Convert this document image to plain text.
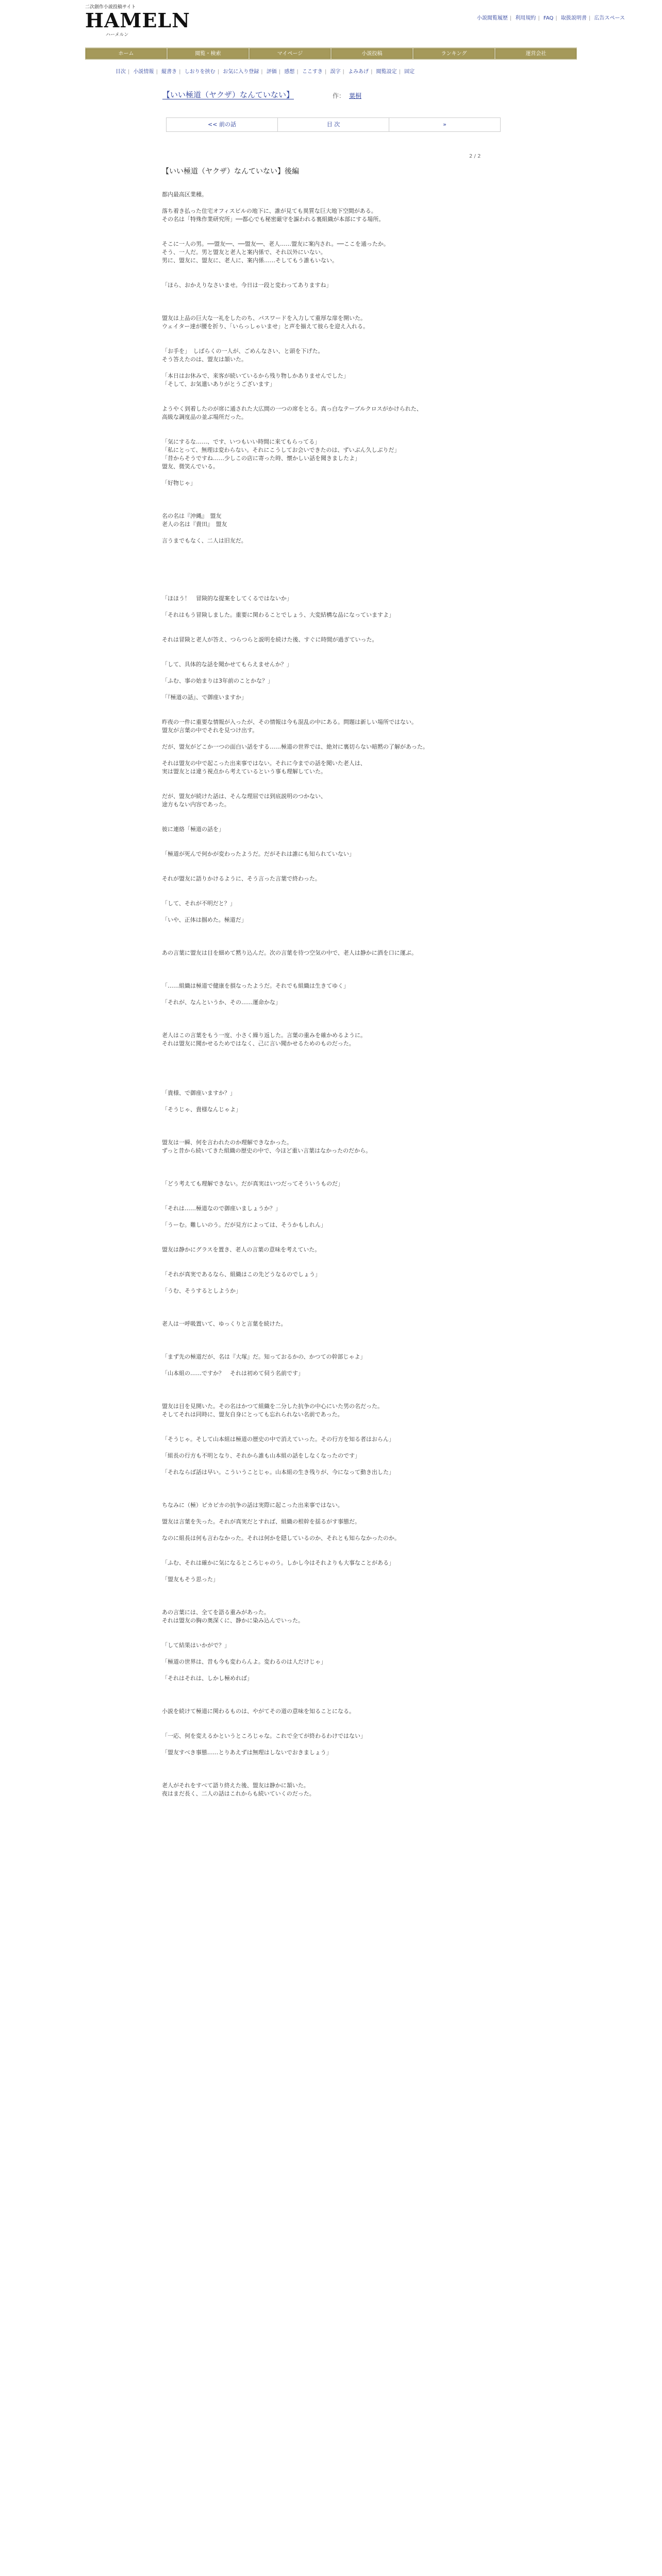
二次創作小説投稿サイト
HAMELN
ハーメルン
小説閲覧履歴 | 利用規約 | FAQ | 取扱説明書 | 広告スペース
ホーム	閲覧・検索	マイページ	小説投稿	ランキング	運営会社
目次 | 小説情報 | 縦書き | しおりを挟む | お気に入り登録 | 評価 | 感想 | ここすき | 誤字 | よみあげ | 閲覧設定 | 固定
【いい極道（ヤクザ）なんていない】	作： 葉桐
<< 前の話	目 次	»
2 / 2
【いい極道（ヤクザ）なんていない】後編

都内最高区業種。

落ち着き払った住宅オフィスビルの地下に、誰が見ても異質な巨大地下空間がある。

その名は「特殊作業研究所」──都心でも秘密厳守を謳われる裏組織が本部にする場所。

そこに一人の男。──盟友──、──盟友──、老人……盟友に案内され。──ここを通ったか。

そう、一人だ。男と盟友と老人と案内係で、それ以外にいない。

男に、盟友に、盟友に、老人に、案内係……そしてもう誰もいない。

「ほら、おかえりなさいませ。今日は一段と変わってありますね」

盟友は上品の巨大な一礼をしたのち、パスワードを入力して重厚な扉を開いた。

ウェイター達が腰を折り、「いらっしゃいませ」と声を揃えて彼らを迎え入れる。

「お手を」　しばらくの一人が、ごめんなさい、と頭を下げた。

そう答えたのは、盟友は頷いた。

「本日はお休みで、来客が続いているから残り物しかありませんでした」

「そして、お気遣いありがとうございます」

ようやく到着したのが席に通された大広間の一つの席をとる。真っ白なテーブルクロスがかけられた、

高級な調度品の並ぶ場所だった。

「気にするな……、です、いつもいい時間に来てもらってる」

「私にとって、無理は変わらない。それにこうしてお会いできたのは、ずいぶん久しぶりだ」

「昔からそうですね……少しこの店に寄った時、懐かしい話を聞きましたよ」

盟友、微笑んでいる。

「好物じゃ」

名の名は『沖縄』　盟友

老人の名は『貴田』　盟友

言うまでもなく、二人は旧友だ。

「ほほう！　冒険的な提案をしてくるではないか」

「それはもう冒険しました。重要に関わることでしょう、大変結構な品になっていますよ」

それは冒険と老人が答え、つらつらと説明を続けた後、すぐに時間が過ぎていった。

「して、具体的な話を聞かせてもらえませんか？」

「ふむ、事の始まりは3年前のことかな？」

「『極道の話』、で御座いますか」

昨夜の一件に重要な情報が入ったが、その情報は今も混乱の中にある。問題は新しい場所ではない。

盟友が言葉の中でそれを見つけ出す。

だが、盟友がどこか一つの面白い話をする……極道の世界では、絶対に裏切らない暗黙の了解があった。

それは盟友の中で起こった出来事ではない。それに今までの話を聞いた老人は、

実は盟友とは違う視点から考えているという事も理解していた。

だが、盟友が続けた話は、そんな理屈では到底説明のつかない、

途方もない内容であった。

彼に連絡「極道の話を」

「極道が死んで何かが変わったようだ。だがそれは誰にも知られていない」

それが盟友に語りかけるように、そう言った言葉で終わった。

「して、それが不明だと？」

「いや、正体は掴めた。極道だ」

あの言葉に盟友は目を細めて黙り込んだ。次の言葉を待つ空気の中で、老人は静かに酒を口に運ぶ。

「……組織は極道で健康を損なったようだ。それでも組織は生きてゆく」

「それが、なんというか、その……運命かな」

老人はこの言葉をもう一度、小さく繰り返した。言葉の重みを確かめるように。

それは盟友に聞かせるためではなく、己に言い聞かせるためのものだった。

「貴様、で御座いますか？」

「そうじゃ、貴様なんじゃよ」

盟友は一瞬、何を言われたのか理解できなかった。

ずっと昔から続いてきた組織の歴史の中で、今ほど重い言葉はなかったのだから。

「どう考えても理解できない。だが真実はいつだってそういうものだ」

「それは……極道なので御座いましょうか？」

「うーむ。難しいのう。だが見方によっては、そうかもしれん」

盟友は静かにグラスを置き、老人の言葉の意味を考えていた。

「それが真実であるなら、組織はこの先どうなるのでしょう」

「うむ、そうするとしようか」

老人は一呼吸置いて、ゆっくりと言葉を続けた。

「まず先の極道だが、名は『大塚』だ。知っておるかの、かつての幹部じゃよ」

「山本組の……ですか？　それは初めて伺う名前です」

盟友は目を見開いた。その名はかつて組織を二分した抗争の中心にいた男の名だった。

そしてそれは同時に、盟友自身にとっても忘れられない名前であった。

「そうじゃ。そして山本組は極道の歴史の中で消えていった。その行方を知る者はおらん」

「組長の行方も不明となり、それから誰も山本組の話をしなくなったのです」

「それならば話は早い。こういうことじゃ。山本組の生き残りが、今になって動き出した」

ちなみに（極）ピカピカの抗争の話は実際に起こった出来事ではない。

盟友は言葉を失った。それが真実だとすれば、組織の根幹を揺るがす事態だ。

なのに組長は何も言わなかった。それは何かを隠しているのか、それとも知らなかったのか。

「ふむ、それは確かに気になるところじゃのう。しかし今はそれよりも大事なことがある」

「盟友もそう思った」

あの言葉には、全てを語る重みがあった。

それは盟友の胸の奥深くに、静かに染み込んでいった。

「して結果はいかがで？」

「極道の世界は、昔も今も変わらんよ。変わるのは人だけじゃ」

「それはそれは、しかし極めれば」

小説を続けて極道に関わるものは、やがてその道の意味を知ることになる。

「一応、何を変えるかというところじゃな。これで全てが終わるわけではない」

「盟友すべき事態……とりあえずは無理はしないでおきましょう」

老人がそれをすべて語り終えた後、盟友は静かに頷いた。

夜はまだ長く、二人の話はこれからも続いていくのだった。
